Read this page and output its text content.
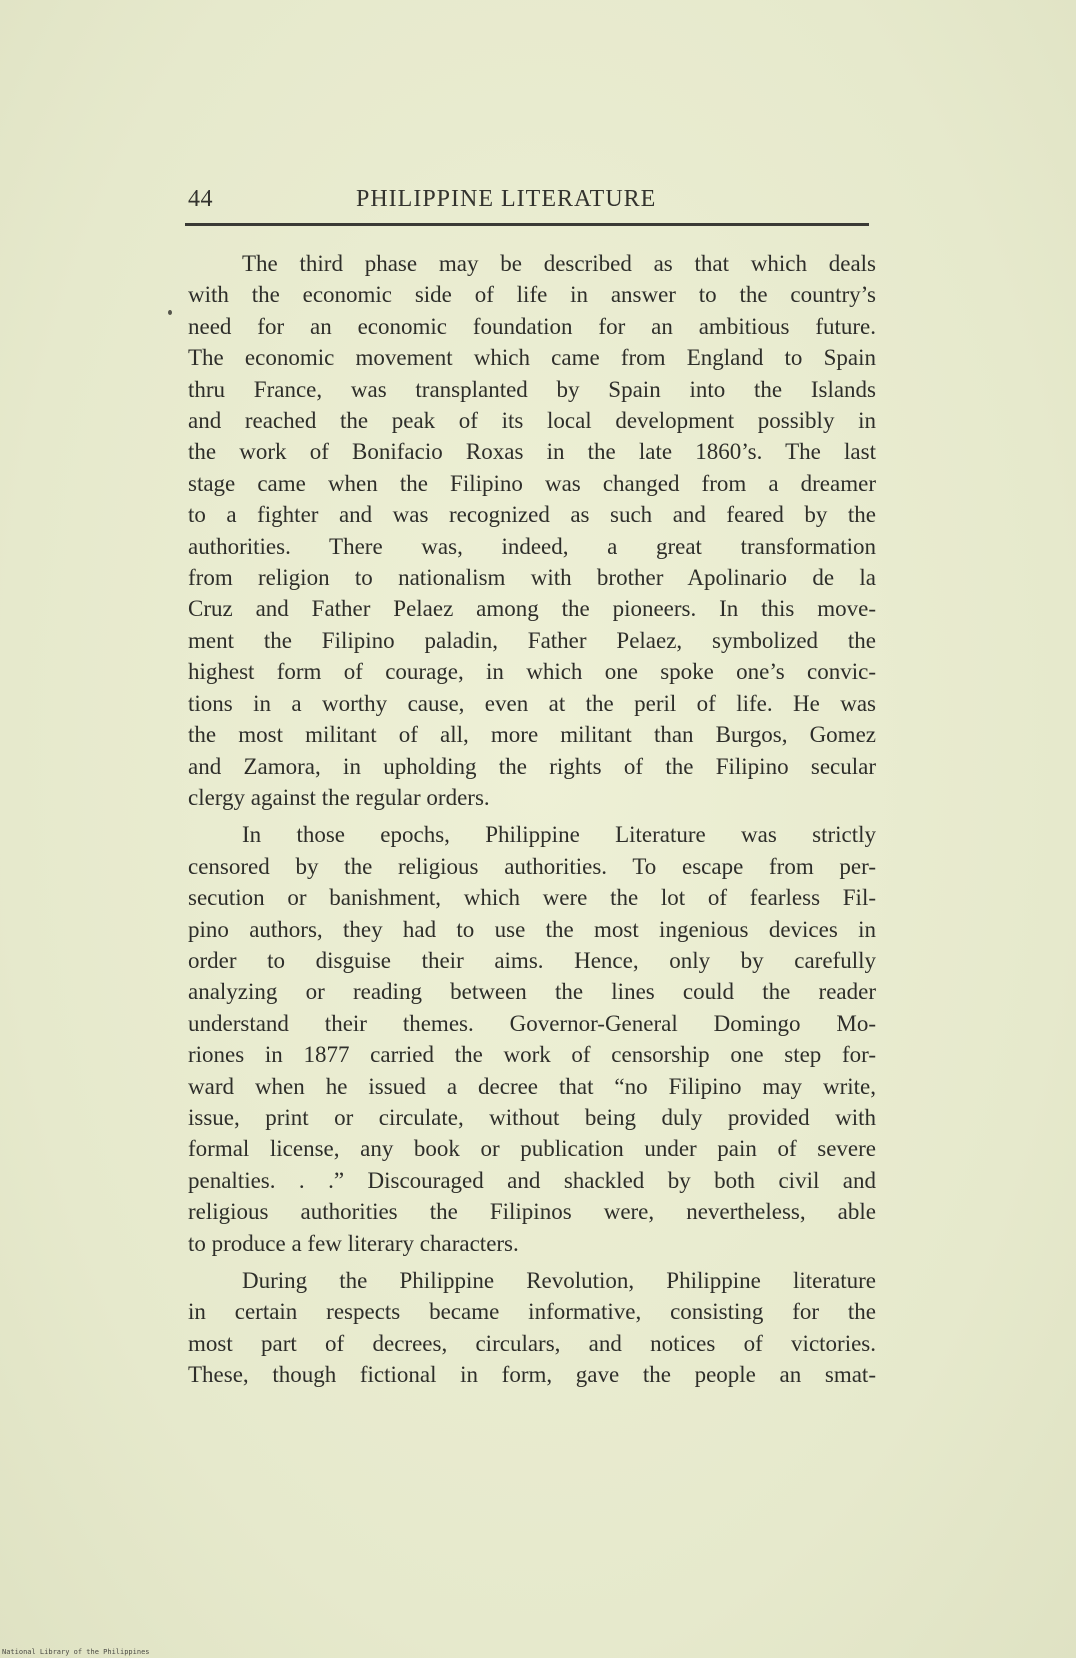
44	PHILIPPINE LITERATURE
The third phase may be described as that which deals
with the economic side of life in answer to the country’s
need for an economic foundation for an ambitious future.
The economic movement which came from England to Spain
thru France, was transplanted by Spain into the Islands
and reached the peak of its local development possibly in
the work of Bonifacio Roxas in the late 1860’s. The last
stage came when the Filipino was changed from a dreamer
to a fighter and was recognized as such and feared by the
authorities. There was, indeed, a great transformation
from religion to nationalism with brother Apolinario de la
Cruz and Father Pelaez among the pioneers. In this move-
ment the Filipino paladin, Father Pelaez, symbolized the
highest form of courage, in which one spoke one’s convic-
tions in a worthy cause, even at the peril of life. He was
the most militant of all, more militant than Burgos, Gomez
and Zamora, in upholding the rights of the Filipino secular
clergy against the regular orders.
In those epochs, Philippine Literature was strictly
censored by the religious authorities. To escape from per-
secution or banishment, which were the lot of fearless Fil-
pino authors, they had to use the most ingenious devices in
order to disguise their aims. Hence, only by carefully
analyzing or reading between the lines could the reader
understand their themes. Governor-General Domingo Mo-
riones in 1877 carried the work of censorship one step for-
ward when he issued a decree that “no Filipino may write,
issue, print or circulate, without being duly provided with
formal license, any book or publication under pain of severe
penalties. . .” Discouraged and shackled by both civil and
religious authorities the Filipinos were, nevertheless, able
to produce a few literary characters.
During the Philippine Revolution, Philippine literature
in certain respects became informative, consisting for the
most part of decrees, circulars, and notices of victories.
These, though fictional in form, gave the people an smat-
National Library of the Philippines
